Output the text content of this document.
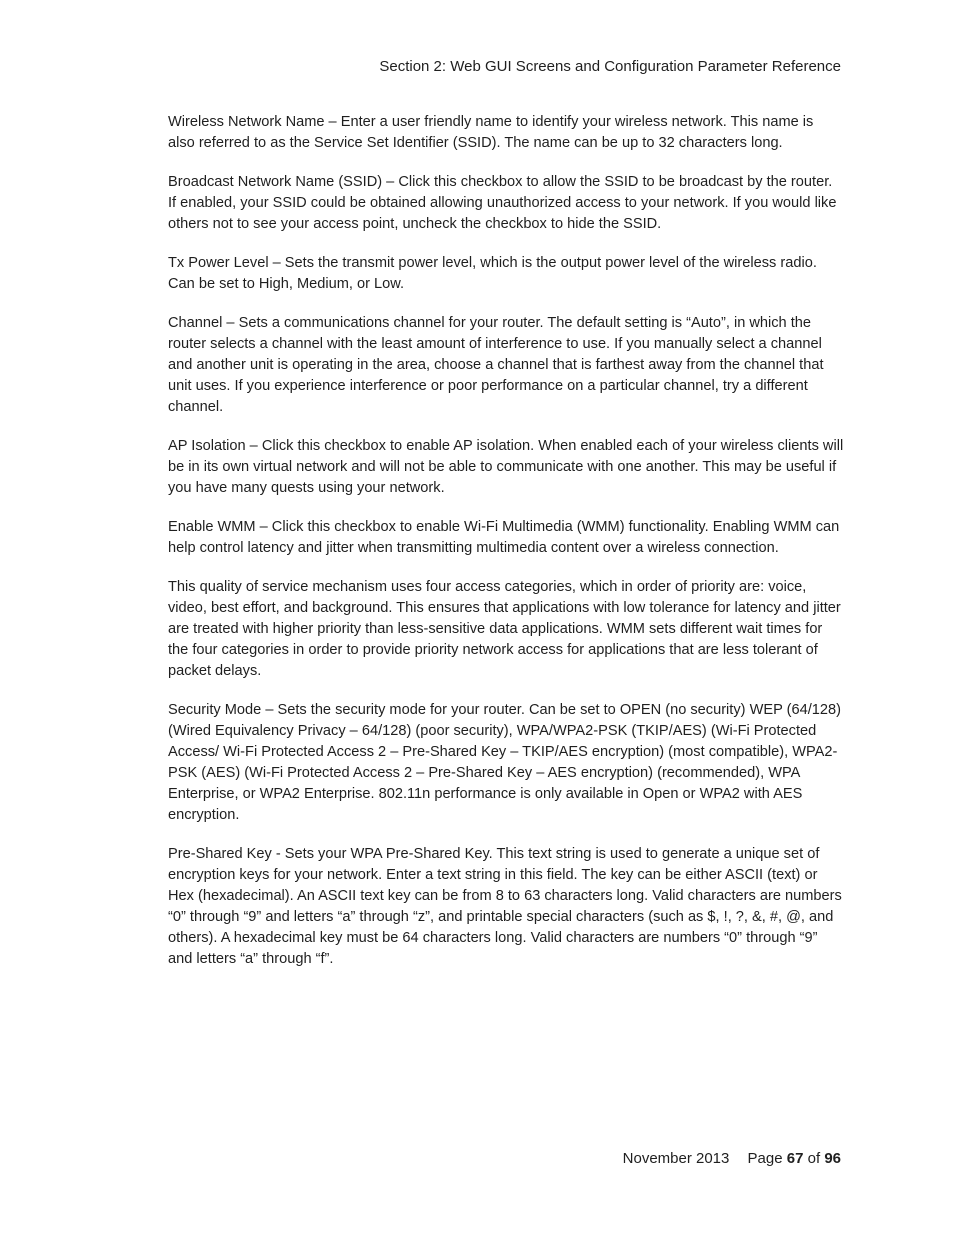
Section 2: Web GUI Screens and Configuration Parameter Reference

Wireless Network Name – Enter a user friendly name to identify your wireless network. This name is also referred to as the Service Set Identifier (SSID). The name can be up to 32 characters long.

Broadcast Network Name (SSID) – Click this checkbox to allow the SSID to be broadcast by the router. If enabled, your SSID could be obtained allowing unauthorized access to your network. If you would like others not to see your access point, uncheck the checkbox to hide the SSID.

Tx Power Level – Sets the transmit power level, which is the output power level of the wireless radio. Can be set to High, Medium, or Low.

Channel – Sets a communications channel for your router. The default setting is “Auto”, in which the router selects a channel with the least amount of interference to use. If you manually select a channel and another unit is operating in the area, choose a channel that is farthest away from the channel that unit uses. If you experience interference or poor performance on a particular channel, try a different channel.

AP Isolation – Click this checkbox to enable AP isolation. When enabled each of your wireless clients will be in its own virtual network and will not be able to communicate with one another. This may be useful if you have many quests using your network.

Enable WMM – Click this checkbox to enable Wi-Fi Multimedia (WMM) functionality. Enabling WMM can help control latency and jitter when transmitting multimedia content over a wireless connection.

This quality of service mechanism uses four access categories, which in order of priority are: voice, video, best effort, and background. This ensures that applications with low tolerance for latency and jitter are treated with higher priority than less-sensitive data applications. WMM sets different wait times for the four categories in order to provide priority network access for applications that are less tolerant of packet delays.

Security Mode – Sets the security mode for your router. Can be set to OPEN (no security) WEP (64/128) (Wired Equivalency Privacy – 64/128) (poor security), WPA/WPA2-PSK (TKIP/AES) (Wi-Fi Protected Access/ Wi-Fi Protected Access 2 – Pre-Shared Key – TKIP/AES encryption) (most compatible), WPA2-PSK (AES) (Wi-Fi Protected Access 2 – Pre-Shared Key – AES encryption) (recommended), WPA Enterprise, or WPA2 Enterprise. 802.11n performance is only available in Open or WPA2 with AES encryption.

Pre-Shared Key - Sets your WPA Pre-Shared Key. This text string is used to generate a unique set of encryption keys for your network. Enter a text string in this field. The key can be either ASCII (text) or Hex (hexadecimal). An ASCII text key can be from 8 to 63 characters long. Valid characters are numbers “0” through “9” and letters “a” through “z”, and printable special characters (such as $, !, ?, &, #, @, and others). A hexadecimal key must be 64 characters long. Valid characters are numbers “0” through “9” and letters “a” through “f”.

November 2013 Page 67 of 96
